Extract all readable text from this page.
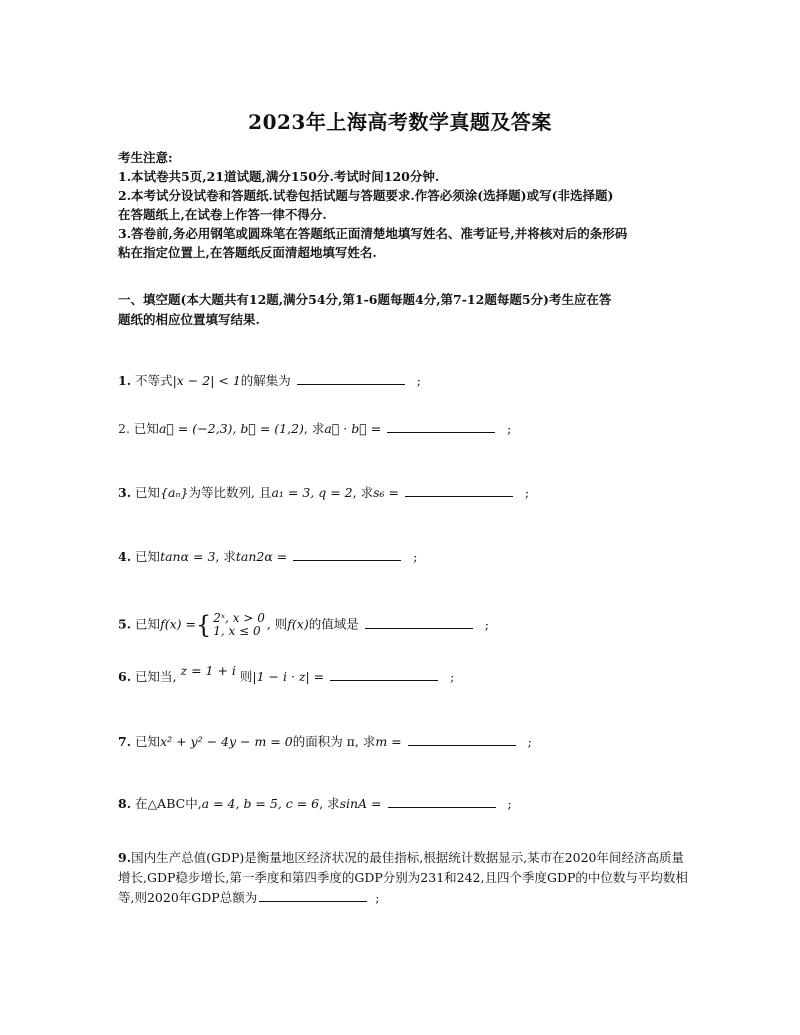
2023年上海高考数学真题及答案
考生注意:
1.本试卷共5页,21道试题,满分150分.考试时间120分钟.
2.本考试分设试卷和答题纸.试卷包括试题与答题要求.作答必须涂(选择题)或写(非选择题)
在答题纸上,在试卷上作答一律不得分.
3.答卷前,务必用钢笔或圆珠笔在答题纸正面清楚地填写姓名、准考证号,并将核对后的条形码
粘在指定位置上,在答题纸反面清超地填写姓名.
一、填空题(本大题共有12题,满分54分,第1-6题每题4分,第7-12题每题5分)考生应在答
题纸的相应位置填写结果.
1. 不等式|x − 2| < 1的解集为	;
2. 已知a⃗ = (−2,3), b⃗ = (1,2), 求a⃗ · b⃗ =	;
3. 已知{aₙ}为等比数列, 且a₁ = 3, q = 2, 求s₆ =	;
4. 已知tanα = 3, 求tan2α =	;
5. 已知f(x) ={ 2ˣ, x > 0
1, x ≤ 0 , 则f(x)的值域是	;
6. 已知当, z = 1 + i 则|1 − i · z| =	;
7. 已知x² + y² − 4y − m = 0的面积为 π, 求m =	;
8. 在△ABC中,a = 4, b = 5, c = 6, 求sinA =	;
9.国内生产总值(GDP)是衡量地区经济状况的最佳指标,根据统计数据显示,某市在2020年间经济高质量增长,GDP稳步增长,第一季度和第四季度的GDP分别为231和242,且四个季度GDP的中位数与平均数相等,则2020年GDP总额为	;
